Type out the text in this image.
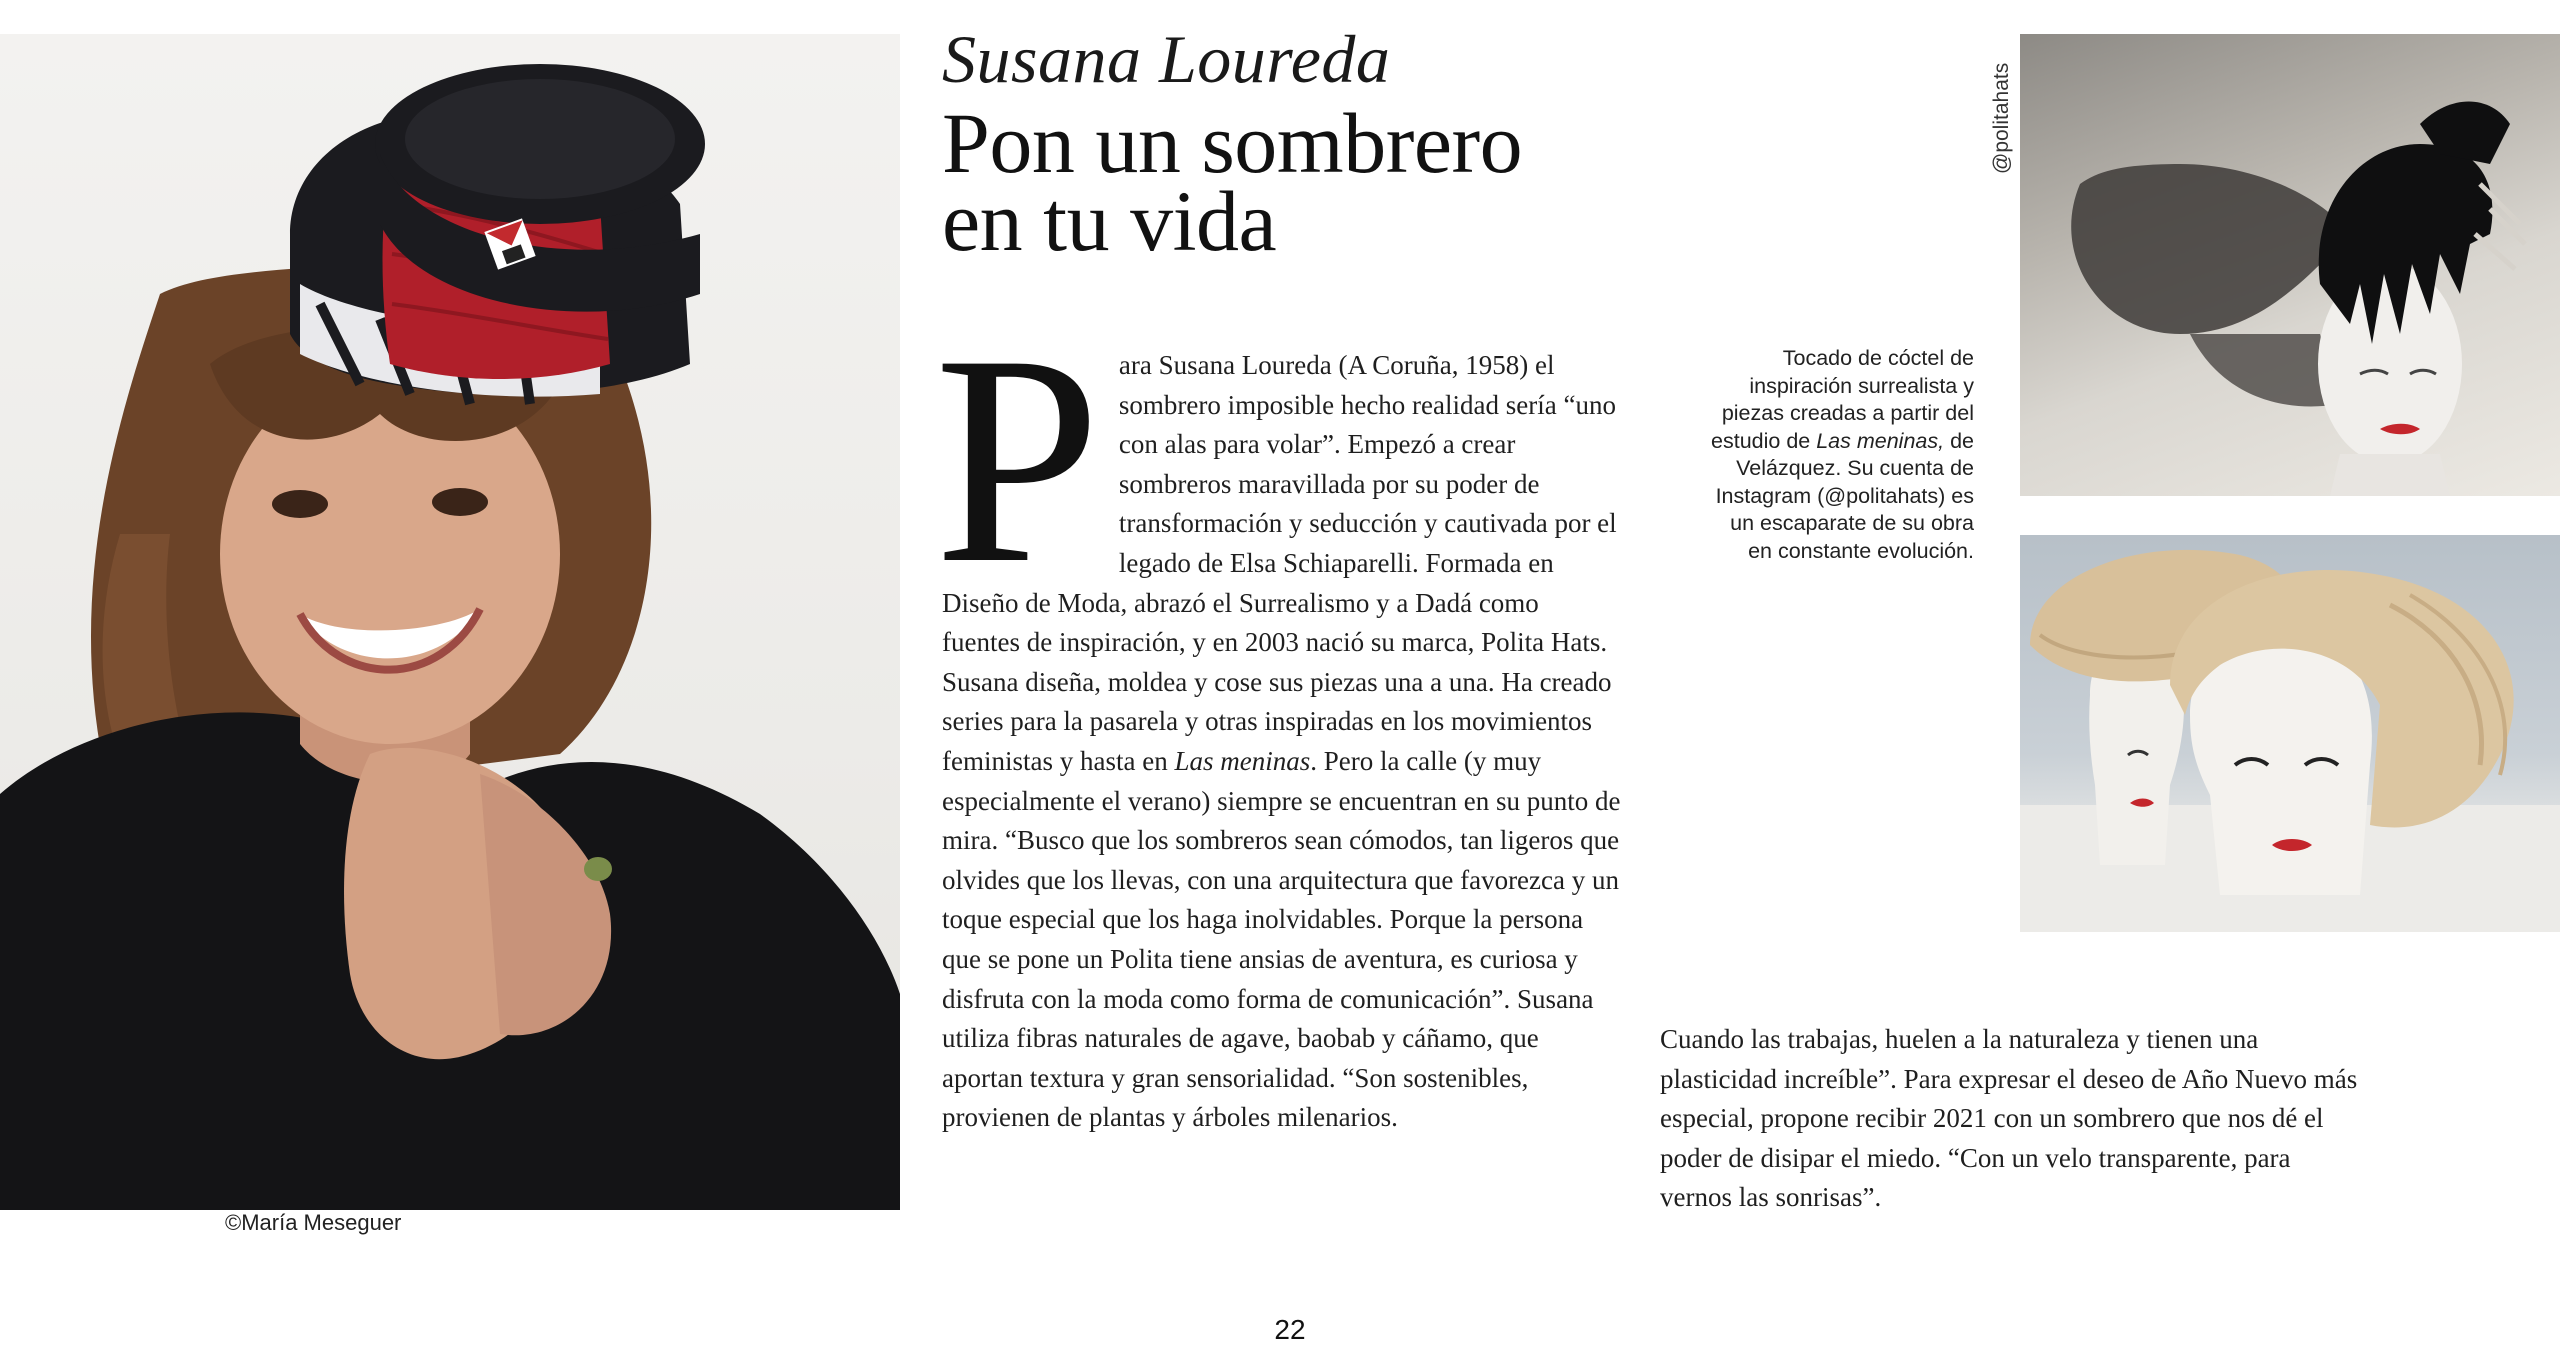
©María Meseguer
Susana Loureda
Pon un sombrero
en tu vida
P ara Susana Loureda (A Coruña, 1958) el sombrero imposible hecho realidad sería “uno con alas para volar”. Empezó a crear sombreros maravillada por su poder de transformación y seducción y cautivada por el legado de Elsa Schiaparelli. Formada en Diseño de Moda, abrazó el Surrealismo y a Dadá como fuentes de inspiración, y en 2003 nació su marca, Polita Hats. Susana diseña, moldea y cose sus piezas una a una. Ha creado series para la pasarela y otras inspiradas en los movimientos feministas y hasta en Las meninas. Pero la calle (y muy especialmente el verano) siempre se encuentran en su punto de mira. “Busco que los sombreros sean cómodos, tan ligeros que olvides que los llevas, con una arquitectura que favorezca y un toque especial que los haga inolvidables. Porque la persona que se pone un Polita tiene ansias de aventura, es curiosa y disfruta con la moda como forma de comunicación”. Susana utiliza fibras naturales de agave, baobab y cáñamo, que aportan textura y gran sensorialidad. “Son sostenibles, provienen de plantas y árboles milenarios.

Cuando las trabajas, huelen a la naturaleza y tienen una plasticidad increíble”. Para expresar el deseo de Año Nuevo más especial, propone recibir 2021 con un sombrero que nos dé el poder de disipar el miedo. “Con un velo transparente, para vernos las sonrisas”.

Tocado de cóctel de inspiración surrealista y piezas creadas a partir del estudio de Las meninas, de Velázquez. Su cuenta de Instagram (@politahats) es un escaparate de su obra en constante evolución.
@politahats
22
